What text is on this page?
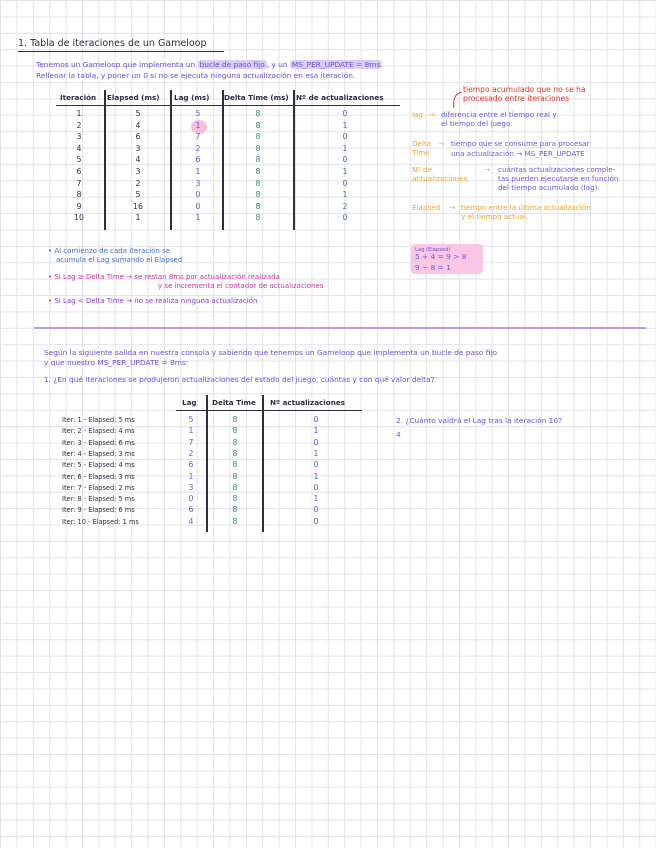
1. Tabla de iteraciones de un Gameloop
Tenemos un Gameloop que implementa un bucle de paso fijo , y un MS_PER_UPDATE = 8ms
Rellenar la tabla, y poner un 0 si no se ejecuta ninguna actualización en esa iteración.
Iteración Elapsed (ms) Lag (ms) Delta Time (ms) Nº de actualizaciones
1	5	5	8	0
2	4	1	8	1
3	6	7	8	0
4	3	2	8	1
5	4	6	8	0
6	3	1	8	1
7	2	3	8	0
8	5	0	8	1
9	16	0	8	2
10	1	1	8	0
tiempo acumulado que no se ha
procesado entre iteraciones
lag → diferencia entre el tiempo real y
el tiempo del juego.
Delta
Time
→ tiempo que se consume para procesar
una actualización → MS_PER_UPDATE
Nº de
actualizaciones
→ cuántas actualizaciones comple-
tas pueden ejecutarse en función
del tiempo acumulado (lag).
Elapsed → tiempo entre la última actualización
y el tiempo actual.
Lag (Elapsed)
5 + 4 = 9 > 8
9 − 8 = 1
• Al comienzo de cada iteración se
acumula el Lag sumando el Elapsed
• Si Lag ≥ Delta Time → se restan 8ms por actualización realizada
y se incrementa el contador de actualizaciones
• Si Lag < Delta Time → no se realiza ninguna actualización
Según la siguiente salida en nuestra consola y sabiendo que tenemos un Gameloop que implementa un bucle de paso fijo
y que nuestro MS_PER_UPDATE = 8ms:
1. ¿En qué iteraciones se produjeron actualizaciones del estado del juego, cuántas y con qué valor delta?
2. ¿Cuánto valdrá el Lag tras la iteración 10?
4
Lag Delta Time Nº actualizaciones
Iter: 1 - Elapsed: 5 ms	5	8	0
Iter: 2 - Elapsed: 4 ms	1	8	1
Iter: 3 - Elapsed: 6 ms	7	8	0
Iter: 4 - Elapsed: 3 ms	2	8	1
Iter: 5 - Elapsed: 4 ms	6	8	0
Iter: 6 - Elapsed: 3 ms	1	8	1
Iter: 7 - Elapsed: 2 ms	3	8	0
Iter: 8 - Elapsed: 5 ms	0	8	1
Iter: 9 - Elapsed: 6 ms	6	8	0
Iter: 10 - Elapsed: 1 ms	4	8	0
